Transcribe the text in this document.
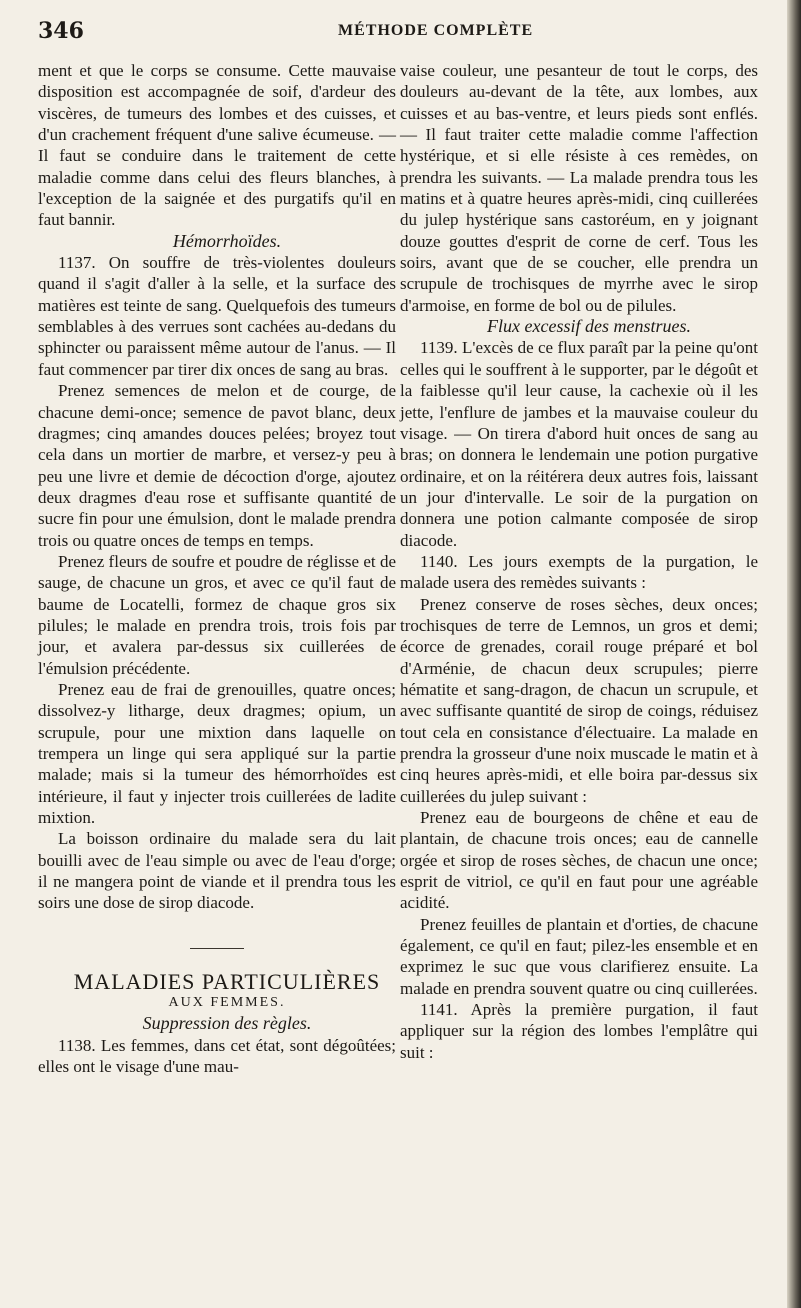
346	MÉTHODE COMPLÈTE

ment et que le corps se consume. Cette mauvaise disposition est accompagnée de soif, d'ardeur des viscères, de tumeurs des lombes et des cuisses, et d'un crachement fréquent d'une salive écumeuse. — Il faut se conduire dans le traitement de cette maladie comme dans celui des fleurs blanches, à l'exception de la saignée et des purgatifs qu'il en faut bannir.

Hémorrhoïdes.

1137. On souffre de très-violentes douleurs quand il s'agit d'aller à la selle, et la surface des matières est teinte de sang. Quelquefois des tumeurs semblables à des verrues sont cachées au-dedans du sphincter ou paraissent même autour de l'anus. — Il faut commencer par tirer dix onces de sang au bras.

Prenez semences de melon et de courge, de chacune demi-once; semence de pavot blanc, deux dragmes; cinq amandes douces pelées; broyez tout cela dans un mortier de marbre, et versez-y peu à peu une livre et demie de décoction d'orge, ajoutez deux dragmes d'eau rose et suffisante quantité de sucre fin pour une émulsion, dont le malade prendra trois ou quatre onces de temps en temps.

Prenez fleurs de soufre et poudre de réglisse et de sauge, de chacune un gros, et avec ce qu'il faut de baume de Locatelli, formez de chaque gros six pilules; le malade en prendra trois, trois fois par jour, et avalera par-dessus six cuillerées de l'émulsion précédente.

Prenez eau de frai de grenouilles, quatre onces; dissolvez-y litharge, deux dragmes; opium, un scrupule, pour une mixtion dans laquelle on trempera un linge qui sera appliqué sur la partie malade; mais si la tumeur des hémorrhoïdes est intérieure, il faut y injecter trois cuillerées de ladite mixtion.

La boisson ordinaire du malade sera du lait bouilli avec de l'eau simple ou avec de l'eau d'orge; il ne mangera point de viande et il prendra tous les soirs une dose de sirop diacode.

MALADIES PARTICULIÈRES

AUX FEMMES.

Suppression des règles.

1138. Les femmes, dans cet état, sont dégoûtées; elles ont le visage d'une mau-

vaise couleur, une pesanteur de tout le corps, des douleurs au-devant de la tête, aux lombes, aux cuisses et au bas-ventre, et leurs pieds sont enflés. — Il faut traiter cette maladie comme l'affection hystérique, et si elle résiste à ces remèdes, on prendra les suivants. — La malade prendra tous les matins et à quatre heures après-midi, cinq cuillerées du julep hystérique sans castoréum, en y joignant douze gouttes d'esprit de corne de cerf. Tous les soirs, avant que de se coucher, elle prendra un scrupule de trochisques de myrrhe avec le sirop d'armoise, en forme de bol ou de pilules.

Flux excessif des menstrues.

1139. L'excès de ce flux paraît par la peine qu'ont celles qui le souffrent à le supporter, par le dégoût et la faiblesse qu'il leur cause, la cachexie où il les jette, l'enflure de jambes et la mauvaise couleur du visage. — On tirera d'abord huit onces de sang au bras; on donnera le lendemain une potion purgative ordinaire, et on la réitérera deux autres fois, laissant un jour d'intervalle. Le soir de la purgation on donnera une potion calmante composée de sirop diacode.

1140. Les jours exempts de la purgation, le malade usera des remèdes suivants :

Prenez conserve de roses sèches, deux onces; trochisques de terre de Lemnos, un gros et demi; écorce de grenades, corail rouge préparé et bol d'Arménie, de chacun deux scrupules; pierre hématite et sang-dragon, de chacun un scrupule, et avec suffisante quantité de sirop de coings, réduisez tout cela en consistance d'électuaire. La malade en prendra la grosseur d'une noix muscade le matin et à cinq heures après-midi, et elle boira par-dessus six cuillerées du julep suivant :

Prenez eau de bourgeons de chêne et eau de plantain, de chacune trois onces; eau de cannelle orgée et sirop de roses sèches, de chacun une once; esprit de vitriol, ce qu'il en faut pour une agréable acidité.

Prenez feuilles de plantain et d'orties, de chacune également, ce qu'il en faut; pilez-les ensemble et en exprimez le suc que vous clarifierez ensuite. La malade en prendra souvent quatre ou cinq cuillerées.

1141. Après la première purgation, il faut appliquer sur la région des lombes l'emplâtre qui suit :
